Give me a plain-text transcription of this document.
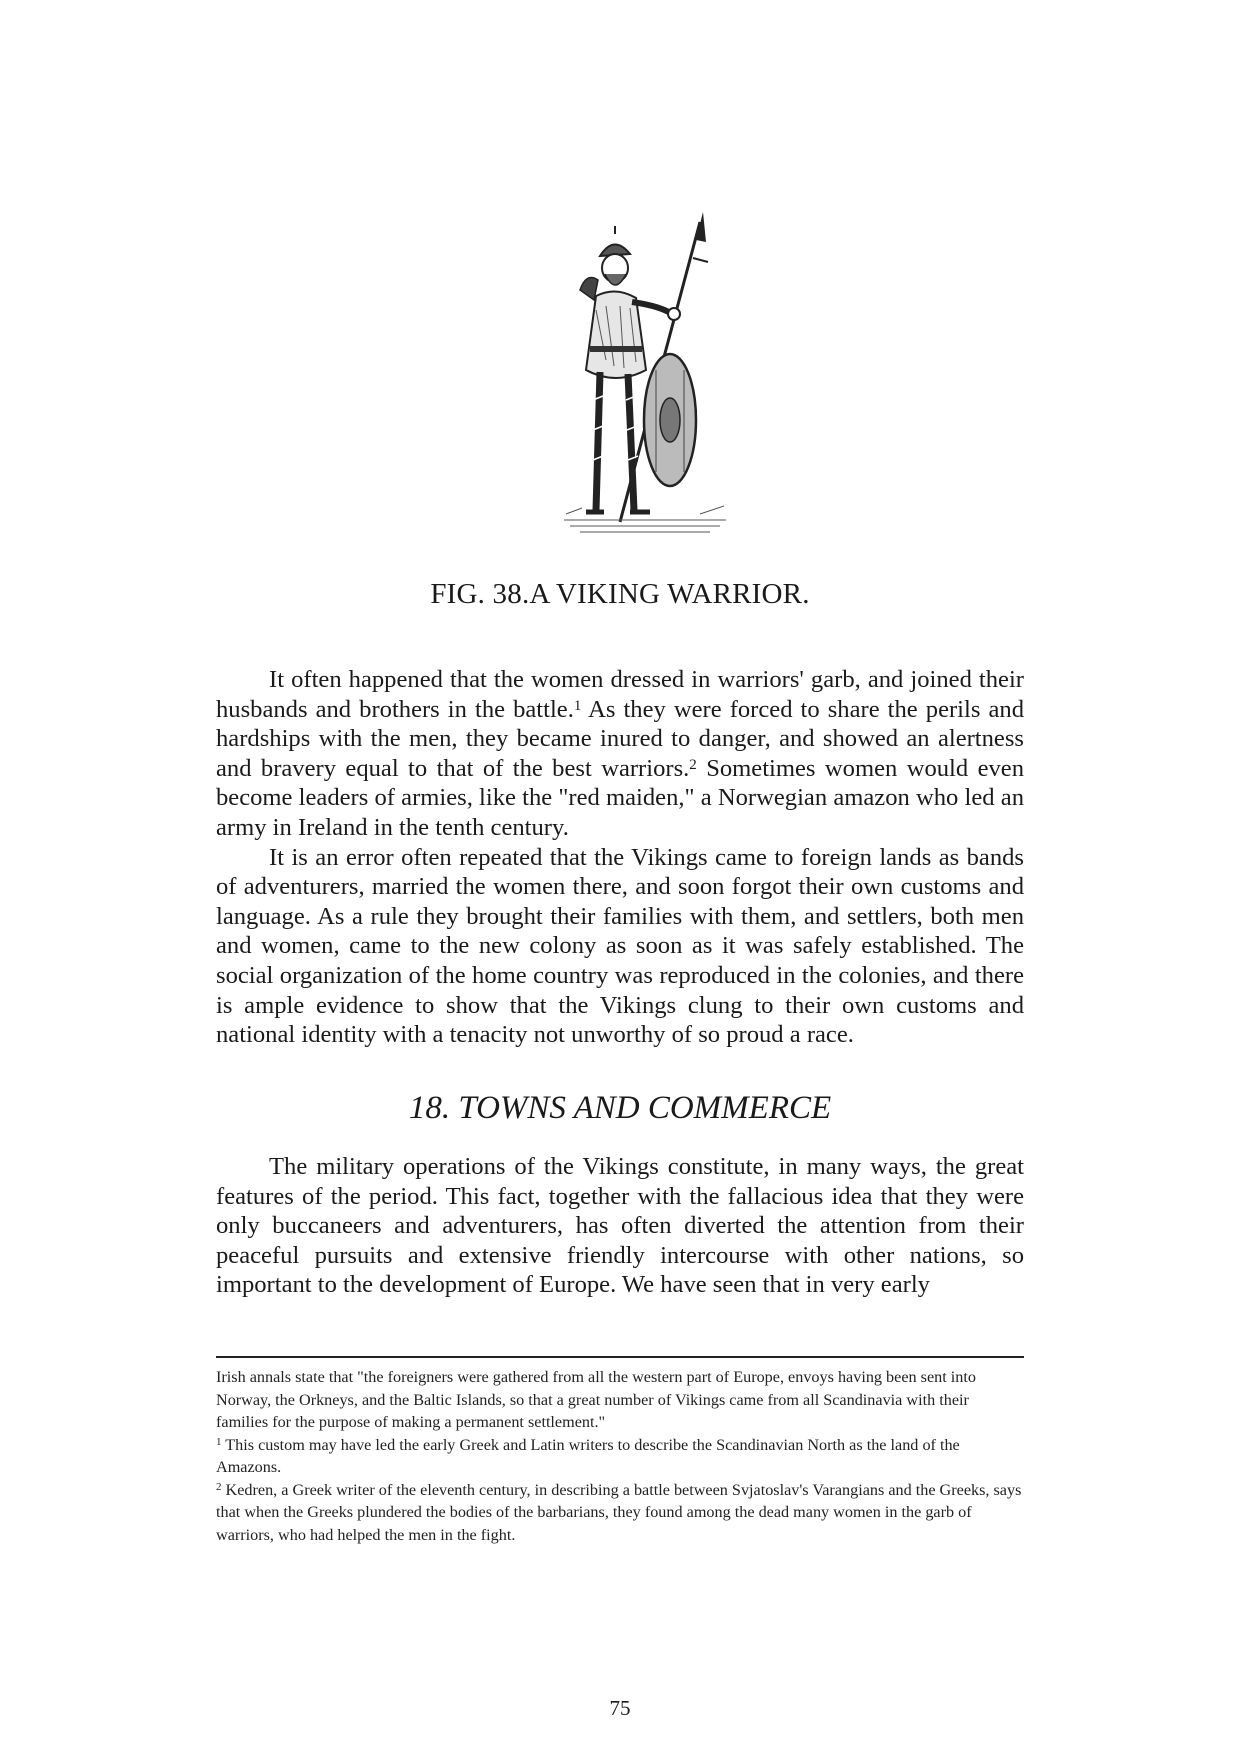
FIG. 38.A VIKING WARRIOR.

It often happened that the women dressed in warriors' garb, and joined their husbands and brothers in the battle.$^1$ As they were forced to share the perils and hardships with the men, they became inured to danger, and showed an alertness and bravery equal to that of the best warriors.$^2$ Sometimes women would even become leaders of armies, like the "red maiden," a Norwegian amazon who led an army in Ireland in the tenth century.

It is an error often repeated that the Vikings came to foreign lands as bands of adventurers, married the women there, and soon forgot their own customs and language. As a rule they brought their families with them, and settlers, both men and women, came to the new colony as soon as it was safely established. The social organization of the home country was reproduced in the colonies, and there is ample evidence to show that the Vikings clung to their own customs and national identity with a tenacity not unworthy of so proud a race.

18. TOWNS AND COMMERCE

The military operations of the Vikings constitute, in many ways, the great features of the period. This fact, together with the fallacious idea that they were only buccaneers and adventurers, has often diverted the attention from their peaceful pursuits and extensive friendly intercourse with other nations, so important to the development of Europe. We have seen that in very early

Irish annals state that "the foreigners were gathered from all the western part of Europe, envoys having been sent into Norway, the Orkneys, and the Baltic Islands, so that a great number of Vikings came from all Scandinavia with their families for the purpose of making a permanent settlement."

$^1$ This custom may have led the early Greek and Latin writers to describe the Scandinavian North as the land of the Amazons.

$^2$ Kedren, a Greek writer of the eleventh century, in describing a battle between Svjatoslav's Varangians and the Greeks, says that when the Greeks plundered the bodies of the barbarians, they found among the dead many women in the garb of warriors, who had helped the men in the fight.

75
